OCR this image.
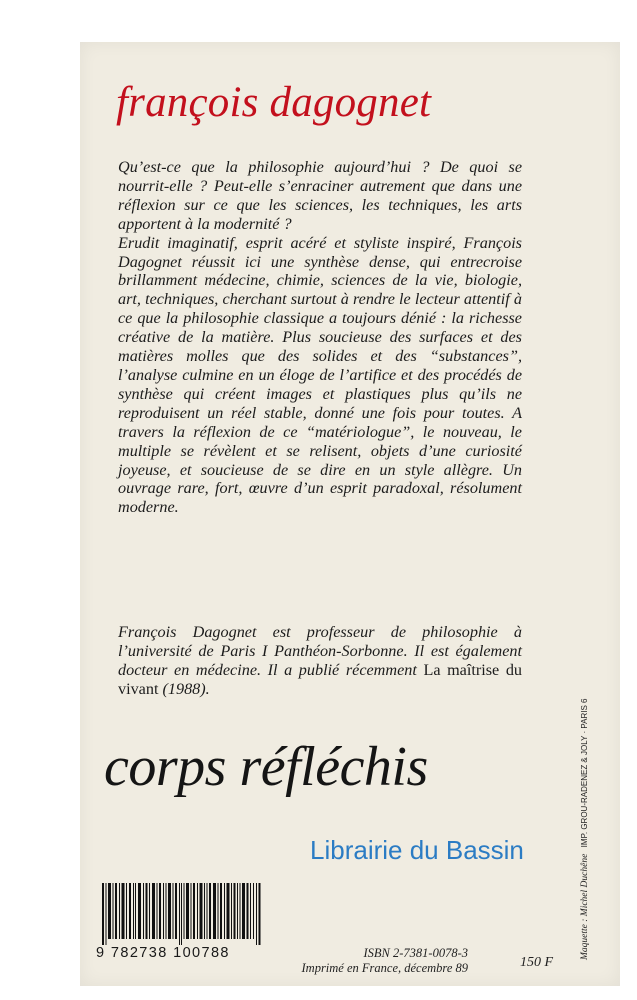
françois dagognet

Qu’est-ce que la philosophie aujourd’hui ? De quoi se nourrit-elle ? Peut-elle s’enraciner autrement que dans une réflexion sur ce que les sciences, les techniques, les arts apportent à la modernité ?

Erudit imaginatif, esprit acéré et styliste inspiré, François Dagognet réussit ici une synthèse dense, qui entrecroise brillamment médecine, chimie, sciences de la vie, biologie, art, techniques, cherchant surtout à rendre le lecteur attentif à ce que la philosophie classique a toujours dénié : la richesse créative de la matière. Plus soucieuse des surfaces et des matières molles que des solides et des “substances”, l’analyse culmine en un éloge de l’artifice et des procédés de synthèse qui créent images et plastiques plus qu’ils ne reproduisent un réel stable, donné une fois pour toutes. A travers la réflexion de ce “matériologue”, le nouveau, le multiple se révèlent et se relisent, objets d’une curiosité joyeuse, et soucieuse de se dire en un style allègre. Un ouvrage rare, fort, œuvre d’un esprit paradoxal, résolument moderne.

François Dagognet est professeur de philosophie à l’université de Paris I Panthéon-Sorbonne. Il est également docteur en médecine. Il a publié récemment La maîtrise du vivant (1988).

corps réfléchis
Librairie du Bassin
9 782738 100788	ISBN 2-7381-0078-3
Imprimé en France, décembre 89	150 F
Maquette : Michel Duchêne IMP. GROU-RADENEZ & JOLY · PARIS 6
